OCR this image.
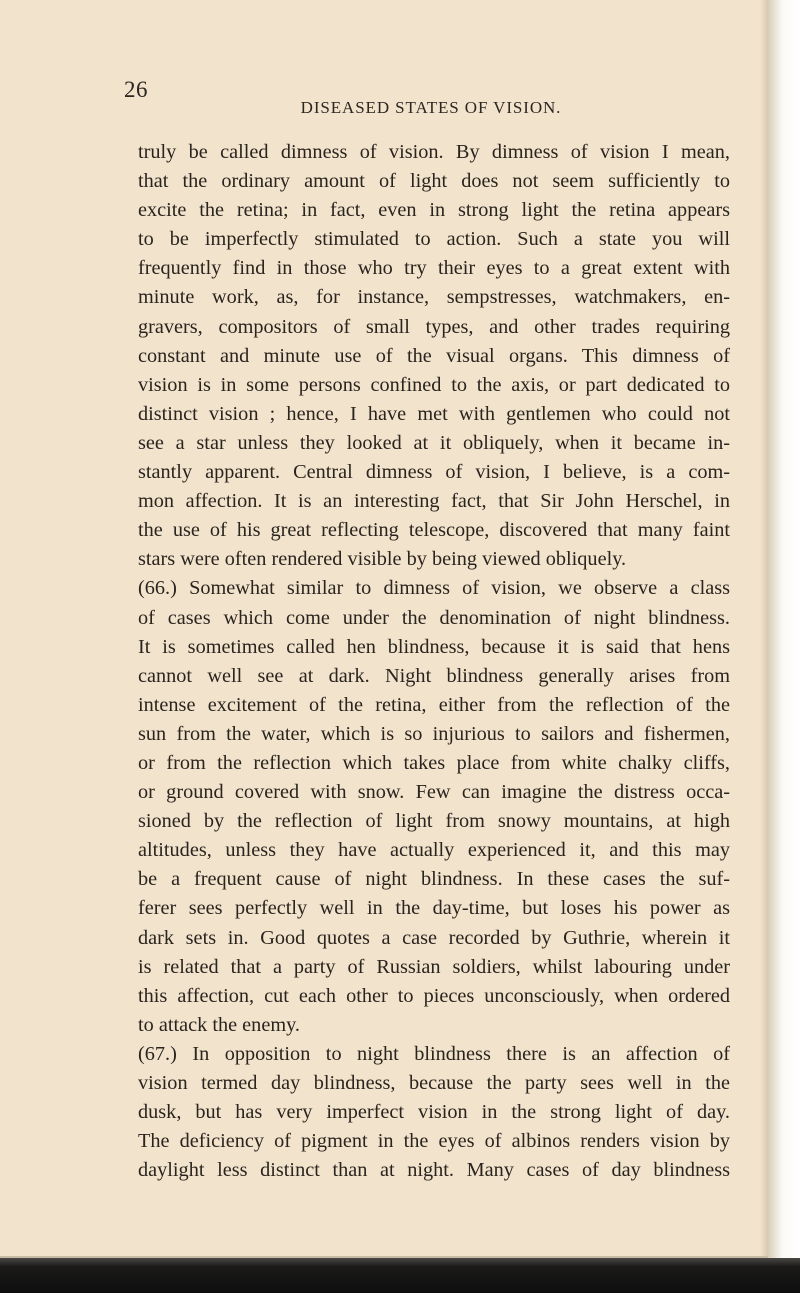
26
DISEASED STATES OF VISION.

truly be called dimness of vision. By dimness of vision I mean,
that the ordinary amount of light does not seem sufficiently to
excite the retina; in fact, even in strong light the retina appears
to be imperfectly stimulated to action. Such a state you will
frequently find in those who try their eyes to a great extent with
minute work, as, for instance, sempstresses, watchmakers, en-
gravers, compositors of small types, and other trades requiring
constant and minute use of the visual organs. This dimness of
vision is in some persons confined to the axis, or part dedicated to
distinct vision ; hence, I have met with gentlemen who could not
see a star unless they looked at it obliquely, when it became in-
stantly apparent. Central dimness of vision, I believe, is a com-
mon affection. It is an interesting fact, that Sir John Herschel, in
the use of his great reflecting telescope, discovered that many faint
stars were often rendered visible by being viewed obliquely.
(66.) Somewhat similar to dimness of vision, we observe a class
of cases which come under the denomination of night blindness.
It is sometimes called hen blindness, because it is said that hens
cannot well see at dark. Night blindness generally arises from
intense excitement of the retina, either from the reflection of the
sun from the water, which is so injurious to sailors and fishermen,
or from the reflection which takes place from white chalky cliffs,
or ground covered with snow. Few can imagine the distress occa-
sioned by the reflection of light from snowy mountains, at high
altitudes, unless they have actually experienced it, and this may
be a frequent cause of night blindness. In these cases the suf-
ferer sees perfectly well in the day-time, but loses his power as
dark sets in. Good quotes a case recorded by Guthrie, wherein it
is related that a party of Russian soldiers, whilst labouring under
this affection, cut each other to pieces unconsciously, when ordered
to attack the enemy.
(67.) In opposition to night blindness there is an affection of
vision termed day blindness, because the party sees well in the
dusk, but has very imperfect vision in the strong light of day.
The deficiency of pigment in the eyes of albinos renders vision by
daylight less distinct than at night. Many cases of day blindness
